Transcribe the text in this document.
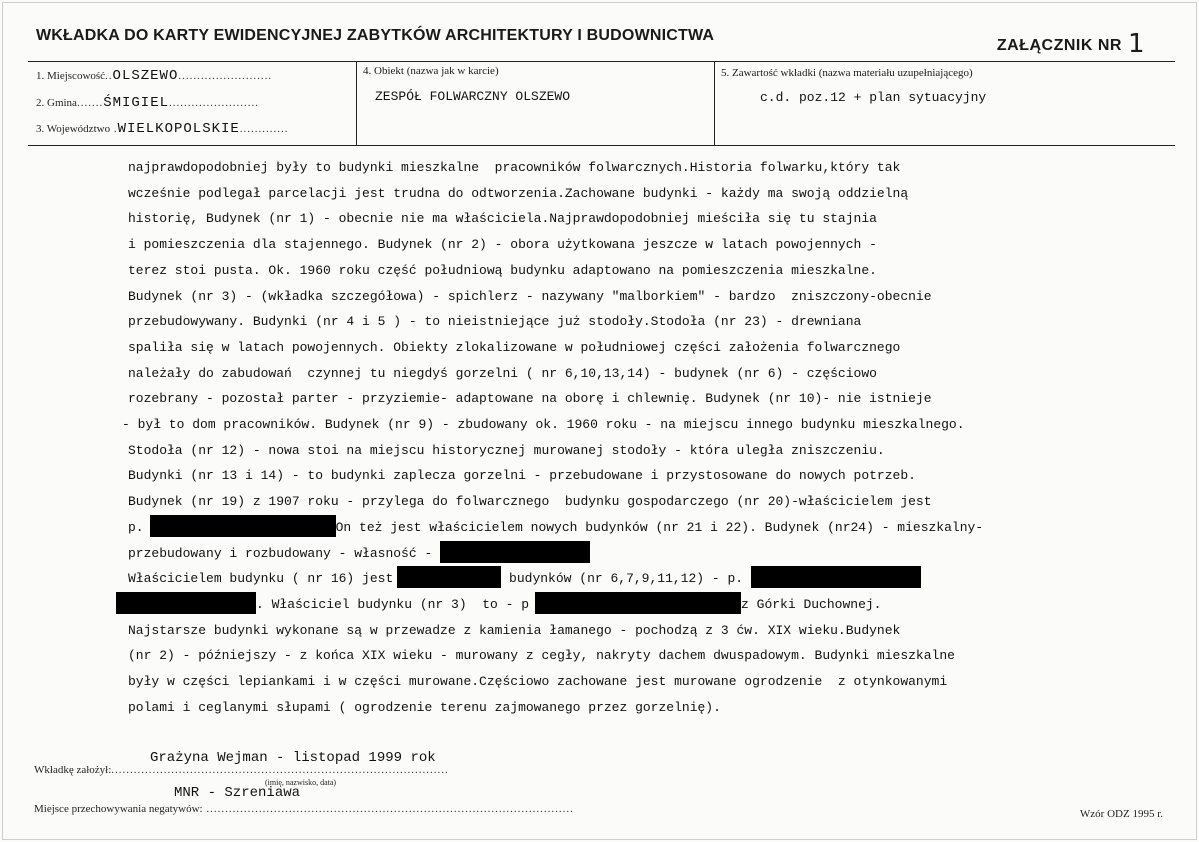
WKŁADKA DO KARTY EWIDENCYJNEJ ZABYTKÓW ARCHITEKTURY I BUDOWNICTWA
ZAŁĄCZNIK NR 1
1. Miejscowość..OLSZEWO.........................
2. Gmina.......ŚMIGIEL........................
3. Województwo .WIELKOPOLSKIE.............
4. Obiekt (nazwa jak w karcie)
ZESPÓŁ FOLWARCZNY OLSZEWO
5. Zawartość wkładki (nazwa materiału uzupełniającego)
c.d. poz.12 + plan sytuacyjny
najprawdopodobniej były to budynki mieszkalne  pracowników folwarcznych.Historia folwarku,który tak
wcześnie podlegał parcelacji jest trudna do odtworzenia.Zachowane budynki - każdy ma swoją oddzielną
historię, Budynek (nr 1) - obecnie nie ma właściciela.Najprawdopodobniej mieściła się tu stajnia
i pomieszczenia dla stajennego. Budynek (nr 2) - obora użytkowana jeszcze w latach powojennych -
terez stoi pusta. Ok. 1960 roku część południową budynku adaptowano na pomieszczenia mieszkalne.
Budynek (nr 3) - (wkładka szczegółowa) - spichlerz - nazywany "malborkiem" - bardzo  zniszczony-obecnie
przebudowywany. Budynki (nr 4 i 5 ) - to nieistniejące już stodoły.Stodoła (nr 23) - drewniana
spaliła się w latach powojennych. Obiekty zlokalizowane w południowej części założenia folwarcznego
należały do zabudowań  czynnej tu niegdyś gorzelni ( nr 6,10,13,14) - budynek (nr 6) - częściowo
rozebrany - pozostał parter - przyziemie- adaptowane na oborę i chlewnię. Budynek (nr 10)- nie istnieje
- był to dom pracowników. Budynek (nr 9) - zbudowany ok. 1960 roku - na miejscu innego budynku mieszkalnego.
Stodoła (nr 12) - nowa stoi na miejscu historycznej murowanej stodoły - która uległa zniszczeniu.
Budynki (nr 13 i 14) - to budynki zaplecza gorzelni - przebudowane i przystosowane do nowych potrzeb.
Budynek (nr 19) z 1907 roku - przylega do folwarcznego  budynku gospodarczego (nr 20)-właścicielem jest
p.	On też jest właścicielem nowych budynków (nr 21 i 22). Budynek (nr24) - mieszkalny-
przebudowany i rozbudowany - własność -
Właścicielem budynku ( nr 16) jest	budynków (nr 6,7,9,11,12) - p.
. Właściciel budynku (nr 3)  to - p	z Górki Duchownej.
Najstarsze budynki wykonane są w przewadze z kamienia łamanego - pochodzą z 3 ćw. XIX wieku.Budynek
(nr 2) - późniejszy - z końca XIX wieku - murowany z cegły, nakryty dachem dwuspadowym. Budynki mieszkalne
były w części lepiankami i w części murowane.Częściowo zachowane jest murowane ogrodzenie  z otynkowanymi
polami i ceglanymi słupami ( ogrodzenie terenu zajmowanego przez gorzelnię).
Grażyna Wejman - listopad 1999 rok
Wkładkę założył:..........................................................................................
(imię, nazwisko, data)
MNR - Szreniawa
Miejsce przechowywania negatywów: ..................................................................................................	Wzór ODZ 1995 r.
